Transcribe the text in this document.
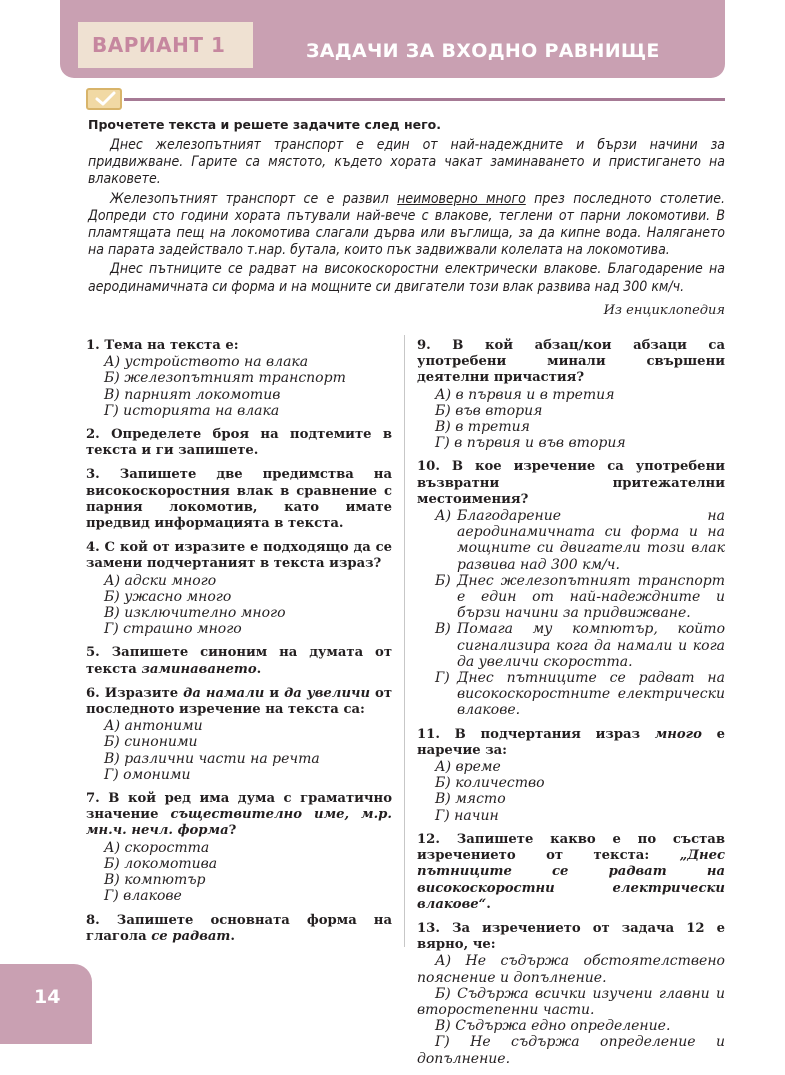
ВАРИАНТ 1	ЗАДАЧИ ЗА ВХОДНО РАВНИЩЕ

Прочетете текста и решете задачите след него.

Днес железопътният транспорт е един от най-надеждните и бързи начини за придвижване. Гарите са мястото, където хората чакат заминаването и пристигането на влаковете.

Железопътният транспорт се е развил неимоверно много през последното столетие. Допреди сто години хората пътували най-вече с влакове, теглени от парни локомотиви. В пламтящата пещ на локомотива слагали дърва или въглища, за да кипне вода. Налягането на парата задействало т.нар. бутала, които пък задвижвали колелата на локомотива.

Днес пътниците се радват на високоскоростни електрически влакове. Благодарение на аеродинамичната си форма и на мощните си двигатели този влак развива над 300 км/ч.

Из енциклопедия
1. Тема на текста е:
А) устройството на влака
Б) железопътният транспорт
В) парният локомотив
Г) историята на влака
2. Определете броя на подтемите в текста и ги запишете.
3. Запишете две предимства на високоскоростния влак в сравнение с парния локомотив, като имате предвид информацията в текста.
4. С кой от изразите е подходящо да се замени подчертаният в текста израз?
А) адски много
Б) ужасно много
В) изключително много
Г) страшно много
5. Запишете синоним на думата от текста заминаването.
6. Изразите да намали и да увеличи от последното изречение на текста са:
А) антоними
Б) синоними
В) различни части на речта
Г) омоними
7. В кой ред има дума с граматично значение съществително име, м.р. мн.ч. нечл. форма?
А) скоростта
Б) локомотива
В) компютър
Г) влакове
8. Запишете основната форма на глагола се радват.
9. В кой абзац/кои абзаци са употребени минали свършени деятелни причастия?
А) в първия и в третия
Б) във втория
В) в третия
Г) в първия и във втория
10. В кое изречение са употребени възвратни притежателни местоимения?
А) Благодарение на аеродинамичната си форма и на мощните си двигатели този влак развива над 300 км/ч.
Б) Днес железопътният транспорт е един от най-надеждните и бързи начини за придвижване.
В) Помага му компютър, който сигнализира кога да намали и кога да увеличи скоростта.
Г) Днес пътниците се радват на високоскоростните електрически влакове.
11. В подчертания израз много е наречие за:
А) време
Б) количество
В) място
Г) начин
12. Запишете какво е по състав изречението от текста: „Днес пътниците се радват на високоскоростни електрически влакове“.
13. За изречението от задача 12 е вярно, че:
А) Не съдържа обстоятелствено пояснение и допълнение.
Б) Съдържа всички изучени главни и второстепенни части.
В) Съдържа едно определение.
Г) Не съдържа определение и допълнение.
14
